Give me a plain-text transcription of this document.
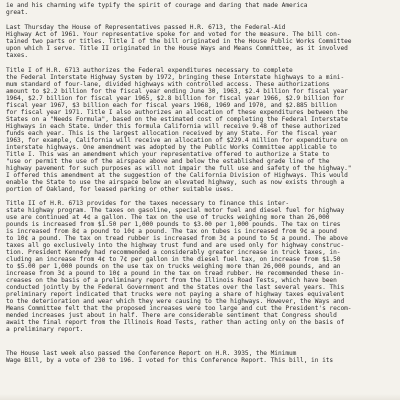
ie and his charming wife typify the spirit of courage and daring that made America
great.
Last Thursday the House of Representatives passed H.R. 6713, the Federal-Aid
Highway Act of 1961. Your representative spoke for and voted for the measure. The bill con-
tained two parts or titles. Title I of the bill originated in the House Public Works Committee
upon which I serve. Title II originated in the House Ways and Means Committee, as it involved
taxes.
Title I of H.R. 6713 authorizes the Federal expenditures necessary to complete
the Federal Interstate Highway System by 1972, bringing these Interstate highways to a mini-
mum standard of four-lane, divided highways with controlled access. These authorizations
amount to $2.2 billion for the fiscal year ending June 30, 1963, $2.4 billion for fiscal year
1964, $2.7 billion for fiscal year 1965, $2.8 billion for fiscal year 1966, $2.9 billion for
fiscal year 1967, $3 billion each for fiscal years 1968, 1969 and 1970, and $2.885 billion
for fiscal year 1971. Title I also authorizes an allocation of these expenditures between the
States on a "Needs Formula", based on the estimated cost of completing the Federal Interstate
Highways in each State. Under this formula California will receive 9.48 of these authorized
funds each year. This is the largest allocation received by any State. For the fiscal year
1963, for example, California will receive an allocation of $229.4 million for expenditure on
interstate highways. One amendment was adopted by the Public Works Committee applicable to
Title I. This was an amendment which your representative offered to authorize a State to
"use or permit the use of the airspace above and below the established grade line of the
highway pavement for such purposes as will not impair the full use and safety of the highway."
I offered this amendment at the suggestion of the California Division of Highways. This would
enable the State to use the airspace below an elevated highway, such as now exists through a
portion of Oakland, for leased parking or other suitable uses.
Title II of H.R. 6713 provides for the taxes necessary to finance this inter-
state highway program. The taxes on gasoline, special motor fuel and diesel fuel for highway
use are continued at 4¢ a gallon. The tax on the use of trucks weighing more than 26,000
pounds is increased from $1.50 per 1,000 pounds to $3.00 per 1,000 pounds. The tax on tires
is increased from 8¢ a pound to 10¢ a pound. The tax on tubes is increased from 9¢ a pound
to 10¢ a pound. The tax on tread rubber is increased from 3¢ a pound to 5¢ a pound. The above
taxes all go exclusively into the highway trust fund and are used only for highway construc-
tion. President Kennedy had recommended a considerably greater increase in truck taxes, in-
cluding an increase from 4¢ to 7¢ per gallon in the diesel fuel tax, on increase from $1.50
to $5.00 per 1,000 pounds on the use tax on trucks weighing more than 26,000 pounds, and an
increase from 3¢ a pound to 10¢ a pound in the tax on tread rubber. He recommended these in-
creases on the basis of a preliminary report from the Illinois Road Tests, which have been
conducted jointly by the Federal Government and the States over the last several years. This
preliminary report indicated that trucks were not paying a share of highway taxes equivalent
to the deterioration and wear which they were causing to the highways. However, the Ways and
Means Committee felt that the proposed increases were too large and cut the President's recom-
mended increases just about in half. There are considerable sentiment that Congress should
await the final report from the Illinois Road Tests, rather than acting only on the basis of
a preliminary report.
The House last week also passed the Conference Report on H.R. 3935, the Minimum
Wage Bill, by a vote of 230 to 196. I voted for this Conference Report. This bill, in its
